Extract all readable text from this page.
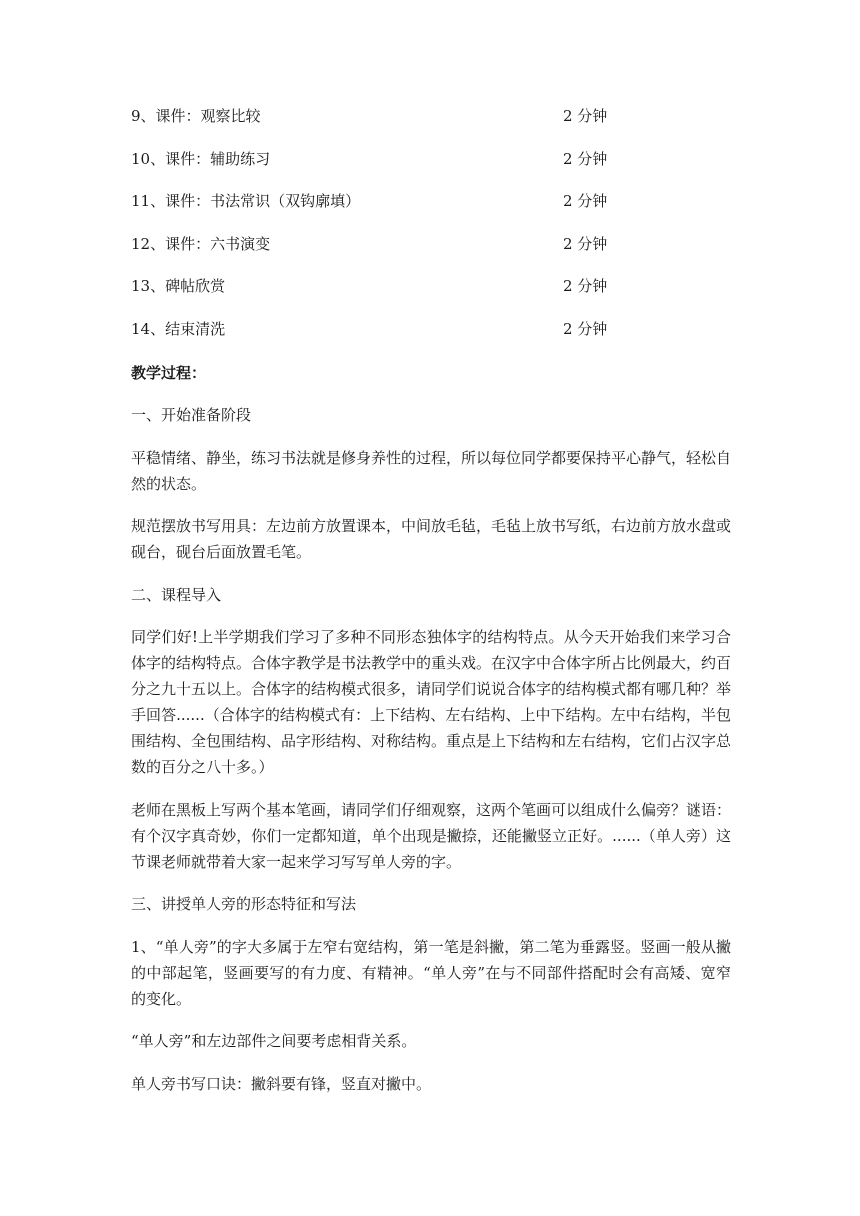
9、课件：观察比较	2 分钟
10、课件：辅助练习	2 分钟
11、课件：书法常识（双钩廓填）	2 分钟
12、课件：六书演变	2 分钟
13、碑帖欣赏	2 分钟
14、结束清洗	2 分钟

教学过程：

一、开始准备阶段

平稳情绪、静坐，练习书法就是修身养性的过程，所以每位同学都要保持平心静气，轻松自然的状态。

规范摆放书写用具：左边前方放置课本，中间放毛毡，毛毡上放书写纸，右边前方放水盘或砚台，砚台后面放置毛笔。

二、课程导入

同学们好!上半学期我们学习了多种不同形态独体字的结构特点。从今天开始我们来学习合体字的结构特点。合体字教学是书法教学中的重头戏。在汉字中合体字所占比例最大，约百分之九十五以上。合体字的结构模式很多，请同学们说说合体字的结构模式都有哪几种？举手回答......（合体字的结构模式有：上下结构、左右结构、上中下结构。左中右结构，半包围结构、全包围结构、品字形结构、对称结构。重点是上下结构和左右结构，它们占汉字总数的百分之八十多。）

老师在黑板上写两个基本笔画，请同学们仔细观察，这两个笔画可以组成什么偏旁？谜语：有个汉字真奇妙，你们一定都知道，单个出现是撇捺，还能撇竖立正好。......（单人旁）这节课老师就带着大家一起来学习写写单人旁的字。

三、讲授单人旁的形态特征和写法

1、“单人旁”的字大多属于左窄右宽结构，第一笔是斜撇，第二笔为垂露竖。竖画一般从撇的中部起笔，竖画要写的有力度、有精神。“单人旁”在与不同部件搭配时会有高矮、宽窄的变化。

“单人旁”和左边部件之间要考虑相背关系。

单人旁书写口诀：撇斜要有锋，竖直对撇中。
